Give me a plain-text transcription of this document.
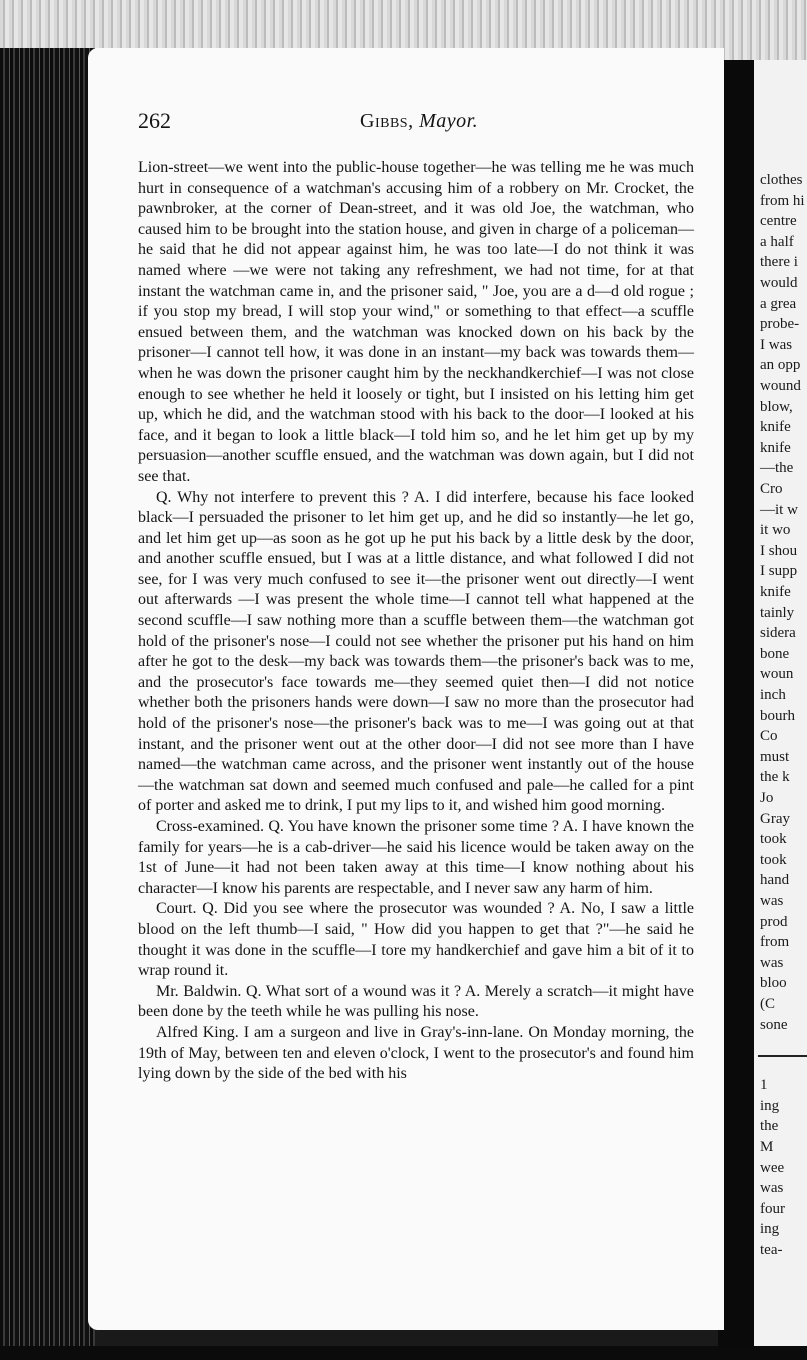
262	Gibbs, Mayor.

Lion-street—we went into the public-house together—he was telling me he was much hurt in consequence of a watchman's accusing him of a robbery on Mr. Crocket, the pawnbroker, at the corner of Dean-street, and it was old Joe, the watchman, who caused him to be brought into the station house, and given in charge of a policeman—he said that he did not appear against him, he was too late—I do not think it was named where —we were not taking any refreshment, we had not time, for at that instant the watchman came in, and the prisoner said, " Joe, you are a d—d old rogue ; if you stop my bread, I will stop your wind," or something to that effect—a scuffle ensued between them, and the watchman was knocked down on his back by the prisoner—I cannot tell how, it was done in an instant—my back was towards them—when he was down the prisoner caught him by the neckhandkerchief—I was not close enough to see whether he held it loosely or tight, but I insisted on his letting him get up, which he did, and the watchman stood with his back to the door—I looked at his face, and it began to look a little black—I told him so, and he let him get up by my persuasion—another scuffle ensued, and the watchman was down again, but I did not see that.

Q. Why not interfere to prevent this ? A. I did interfere, because his face looked black—I persuaded the prisoner to let him get up, and he did so instantly—he let go, and let him get up—as soon as he got up he put his back by a little desk by the door, and another scuffle ensued, but I was at a little distance, and what followed I did not see, for I was very much confused to see it—the prisoner went out directly—I went out afterwards —I was present the whole time—I cannot tell what happened at the second scuffle—I saw nothing more than a scuffle between them—the watchman got hold of the prisoner's nose—I could not see whether the prisoner put his hand on him after he got to the desk—my back was towards them—the prisoner's back was to me, and the prosecutor's face towards me—they seemed quiet then—I did not notice whether both the prisoners hands were down—I saw no more than the prosecutor had hold of the prisoner's nose—the prisoner's back was to me—I was going out at that instant, and the prisoner went out at the other door—I did not see more than I have named—the watchman came across, and the prisoner went instantly out of the house—the watchman sat down and seemed much confused and pale—he called for a pint of porter and asked me to drink, I put my lips to it, and wished him good morning.

Cross-examined. Q. You have known the prisoner some time ? A. I have known the family for years—he is a cab-driver—he said his licence would be taken away on the 1st of June—it had not been taken away at this time—I know nothing about his character—I know his parents are respectable, and I never saw any harm of him.

Court. Q. Did you see where the prosecutor was wounded ? A. No, I saw a little blood on the left thumb—I said, " How did you happen to get that ?"—he said he thought it was done in the scuffle—I tore my handkerchief and gave him a bit of it to wrap round it.

Mr. Baldwin. Q. What sort of a wound was it ? A. Merely a scratch—it might have been done by the teeth while he was pulling his nose.

Alfred King. I am a surgeon and live in Gray's-inn-lane. On Monday morning, the 19th of May, between ten and eleven o'clock, I went to the prosecutor's and found him lying down by the side of the bed with his

clothes
from hi
centre
a half
there i
would
a grea
probe-
I was
an opp
wound
blow,
knife
knife
—the
Cro
—it w
it wo
I shou
I supp
knife
tainly
sidera
bone
woun
inch
bourh
Co
must
the k
Jo
Gray
took
took
hand
was
prod
from
was
bloo
(C
sone
1
ing
the
M
wee
was
four
ing
tea-
